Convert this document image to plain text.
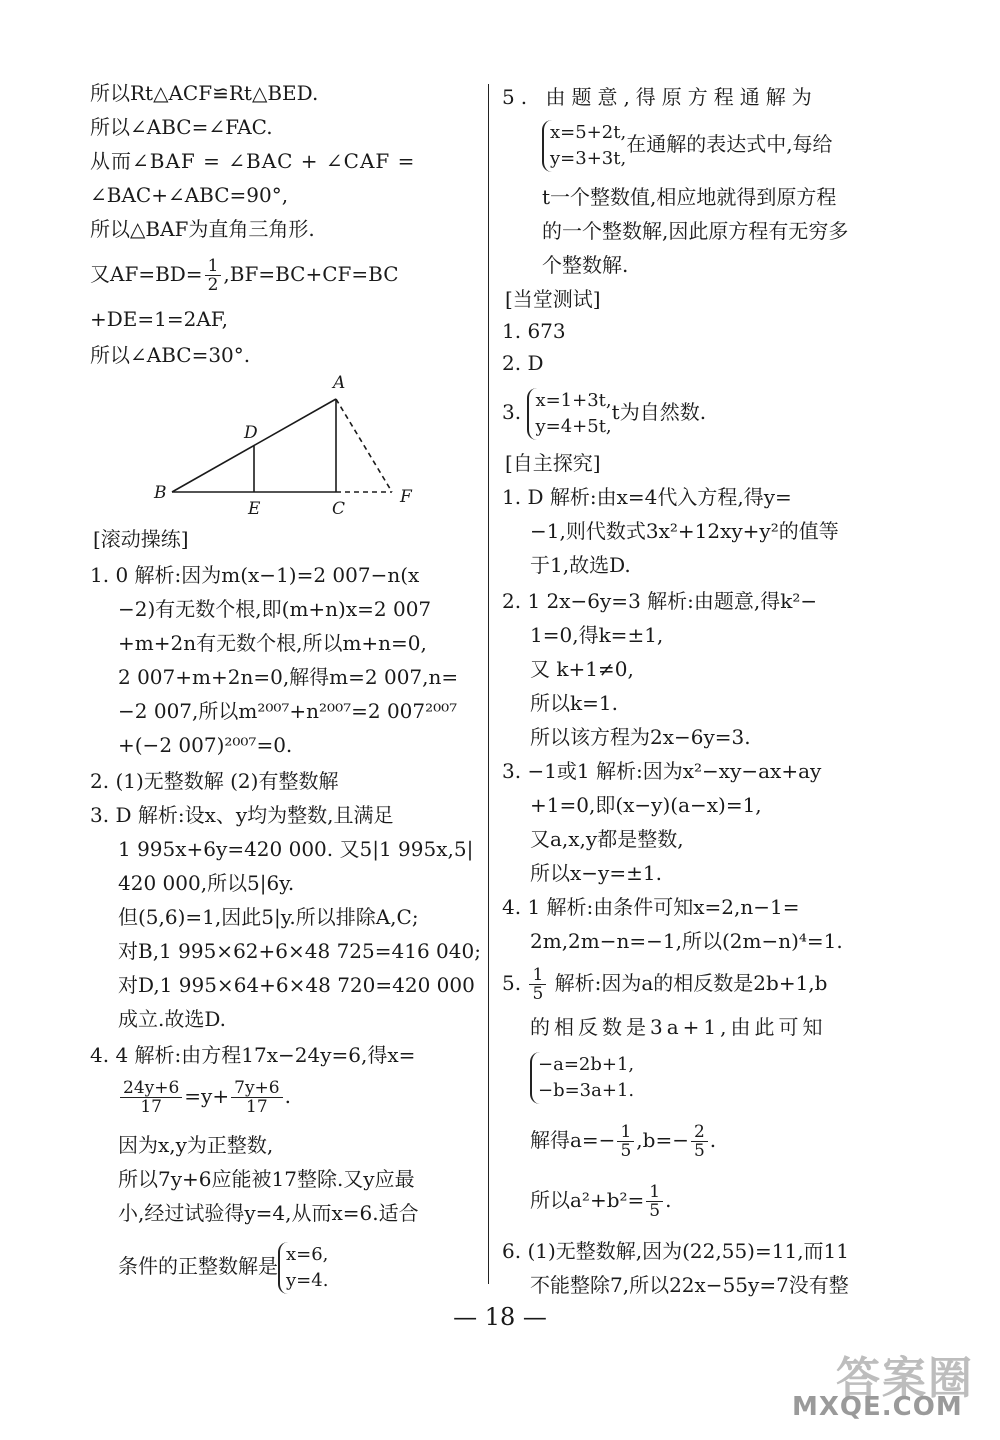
所以Rt△ACF≌Rt△BED.
所以∠ABC=∠FAC.
从而∠BAF = ∠BAC + ∠CAF =
∠BAC+∠ABC=90°,
所以△BAF为直角三角形.
又$AF=BD= \frac{1}{2} ,BF=BC+CF=BC$
+DE=1=2AF,
所以∠ABC=30°.
[滚动操练]
1. 0 解析:因为m(x−1)=2 007−n(x
−2)有无数个根,即(m+n)x=2 007
+m+2n有无数个根,所以m+n=0,
2 007+m+2n=0,解得m=2 007,n=
−2 007,所以m²⁰⁰⁷+n²⁰⁰⁷=2 007²⁰⁰⁷
+(−2 007)²⁰⁰⁷=0.
2. (1)无整数解 (2)有整数解
3. D 解析:设x、y均为整数,且满足
1 995x+6y=420 000. 又5|1 995x,5|
420 000,所以5|6y.
但(5,6)=1,因此5|y.所以排除A,C;
对B,1 995×62+6×48 725=416 040;
对D,1 995×64+6×48 720=420 000
成立.故选D.
4. 4 解析:由方程17x−24y=6,得x=
$\frac{24y+6}{17} =y+ \frac{7y+6}{17}$ .
因为x,y为正整数,
所以7y+6应能被17整除.又y应最
小,经过试验得y=4,从而x=6.适合
条件的正整数解是 x=6,
y=4.
A
D
B
E	C
F
5. 由题意,得原方程通解为
x=5+2t,
y=3+3t,
在通解的表达式中,每给
t一个整数值,相应地就得到原方程
的一个整数解,因此原方程有无穷多
个整数解.
[当堂测试]
1. 673
2. D
3. x=1+3t,
y=4+5t,
t为自然数.
[自主探究]
1. D 解析:由x=4代入方程,得y=
−1,则代数式3x²+12xy+y²的值等
于1,故选D.
2. 1 2x−6y=3 解析:由题意,得k²−
1=0,得k=±1,
又 k+1≠0,
所以k=1.
所以该方程为2x−6y=3.
3. −1或1 解析:因为x²−xy−ax+ay
+1=0,即(x−y)(a−x)=1,
又a,x,y都是整数,
所以x−y=±1.
4. 1 解析:由条件可知x=2,n−1=
2m,2m−n=−1,所以(2m−n)⁴=1.
5. $\frac{1}{5}$ 解析:因为a的相反数是2b+1,b
的相反数是3a+1,由此可知
−a=2b+1,
−b=3a+1.
解得$a=- \frac{1}{5} ,b=- \frac{2}{5}$ .
所以$a^2+b^2= \frac{1}{5}$ .
6. (1)无整数解,因为(22,55)=11,而11
不能整除7,所以22x−55y=7没有整
— 18 —
答案圈
MXQE.COM
